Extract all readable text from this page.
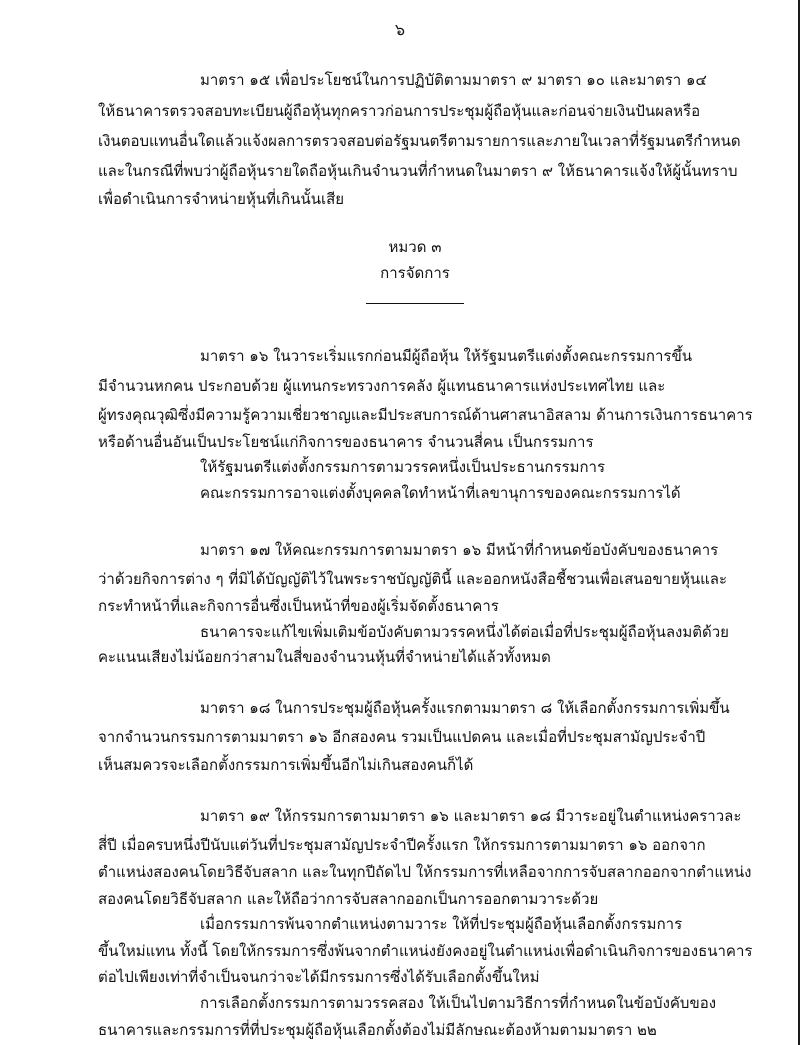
๖
มาตรา ๑๕ เพื่อประโยชน์ในการปฏิบัติตามมาตรา ๙ มาตรา ๑๐ และมาตรา ๑๔
ให้ธนาคารตรวจสอบทะเบียนผู้ถือหุ้นทุกคราวก่อนการประชุมผู้ถือหุ้นและก่อนจ่ายเงินปันผลหรือ
เงินตอบแทนอื่นใดแล้วแจ้งผลการตรวจสอบต่อรัฐมนตรีตามรายการและภายในเวลาที่รัฐมนตรีกำหนด
และในกรณีที่พบว่าผู้ถือหุ้นรายใดถือหุ้นเกินจำนวนที่กำหนดในมาตรา ๙ ให้ธนาคารแจ้งให้ผู้นั้นทราบ
เพื่อดำเนินการจำหน่ายหุ้นที่เกินนั้นเสีย
หมวด ๓
การจัดการ
มาตรา ๑๖ ในวาระเริ่มแรกก่อนมีผู้ถือหุ้น ให้รัฐมนตรีแต่งตั้งคณะกรรมการขึ้น
มีจำนวนหกคน ประกอบด้วย ผู้แทนกระทรวงการคลัง ผู้แทนธนาคารแห่งประเทศไทย และ
ผู้ทรงคุณวุฒิซึ่งมีความรู้ความเชี่ยวชาญและมีประสบการณ์ด้านศาสนาอิสลาม ด้านการเงินการธนาคาร
หรือด้านอื่นอันเป็นประโยชน์แก่กิจการของธนาคาร จำนวนสี่คน เป็นกรรมการ
ให้รัฐมนตรีแต่งตั้งกรรมการตามวรรคหนึ่งเป็นประธานกรรมการ
คณะกรรมการอาจแต่งตั้งบุคคลใดทำหน้าที่เลขานุการของคณะกรรมการได้
มาตรา ๑๗ ให้คณะกรรมการตามมาตรา ๑๖ มีหน้าที่กำหนดข้อบังคับของธนาคาร
ว่าด้วยกิจการต่าง ๆ ที่มิได้บัญญัติไว้ในพระราชบัญญัตินี้ และออกหนังสือชี้ชวนเพื่อเสนอขายหุ้นและ
กระทำหน้าที่และกิจการอื่นซึ่งเป็นหน้าที่ของผู้เริ่มจัดตั้งธนาคาร
ธนาคารจะแก้ไขเพิ่มเติมข้อบังคับตามวรรคหนึ่งได้ต่อเมื่อที่ประชุมผู้ถือหุ้นลงมติด้วย
คะแนนเสียงไม่น้อยกว่าสามในสี่ของจำนวนหุ้นที่จำหน่ายได้แล้วทั้งหมด
มาตรา ๑๘ ในการประชุมผู้ถือหุ้นครั้งแรกตามมาตรา ๘ ให้เลือกตั้งกรรมการเพิ่มขึ้น
จากจำนวนกรรมการตามมาตรา ๑๖ อีกสองคน รวมเป็นแปดคน และเมื่อที่ประชุมสามัญประจำปี
เห็นสมควรจะเลือกตั้งกรรมการเพิ่มขึ้นอีกไม่เกินสองคนก็ได้
มาตรา ๑๙ ให้กรรมการตามมาตรา ๑๖ และมาตรา ๑๘ มีวาระอยู่ในตำแหน่งคราวละ
สี่ปี เมื่อครบหนึ่งปีนับแต่วันที่ประชุมสามัญประจำปีครั้งแรก ให้กรรมการตามมาตรา ๑๖ ออกจาก
ตำแหน่งสองคนโดยวิธีจับสลาก และในทุกปีถัดไป ให้กรรมการที่เหลือจากการจับสลากออกจากตำแหน่ง
สองคนโดยวิธีจับสลาก และให้ถือว่าการจับสลากออกเป็นการออกตามวาระด้วย
เมื่อกรรมการพ้นจากตำแหน่งตามวาระ ให้ที่ประชุมผู้ถือหุ้นเลือกตั้งกรรมการ
ขึ้นใหม่แทน ทั้งนี้ โดยให้กรรมการซึ่งพ้นจากตำแหน่งยังคงอยู่ในตำแหน่งเพื่อดำเนินกิจการของธนาคาร
ต่อไปเพียงเท่าที่จำเป็นจนกว่าจะได้มีกรรมการซึ่งได้รับเลือกตั้งขึ้นใหม่
การเลือกตั้งกรรมการตามวรรคสอง ให้เป็นไปตามวิธีการที่กำหนดในข้อบังคับของ
ธนาคารและกรรมการที่ที่ประชุมผู้ถือหุ้นเลือกตั้งต้องไม่มีลักษณะต้องห้ามตามมาตรา ๒๒
